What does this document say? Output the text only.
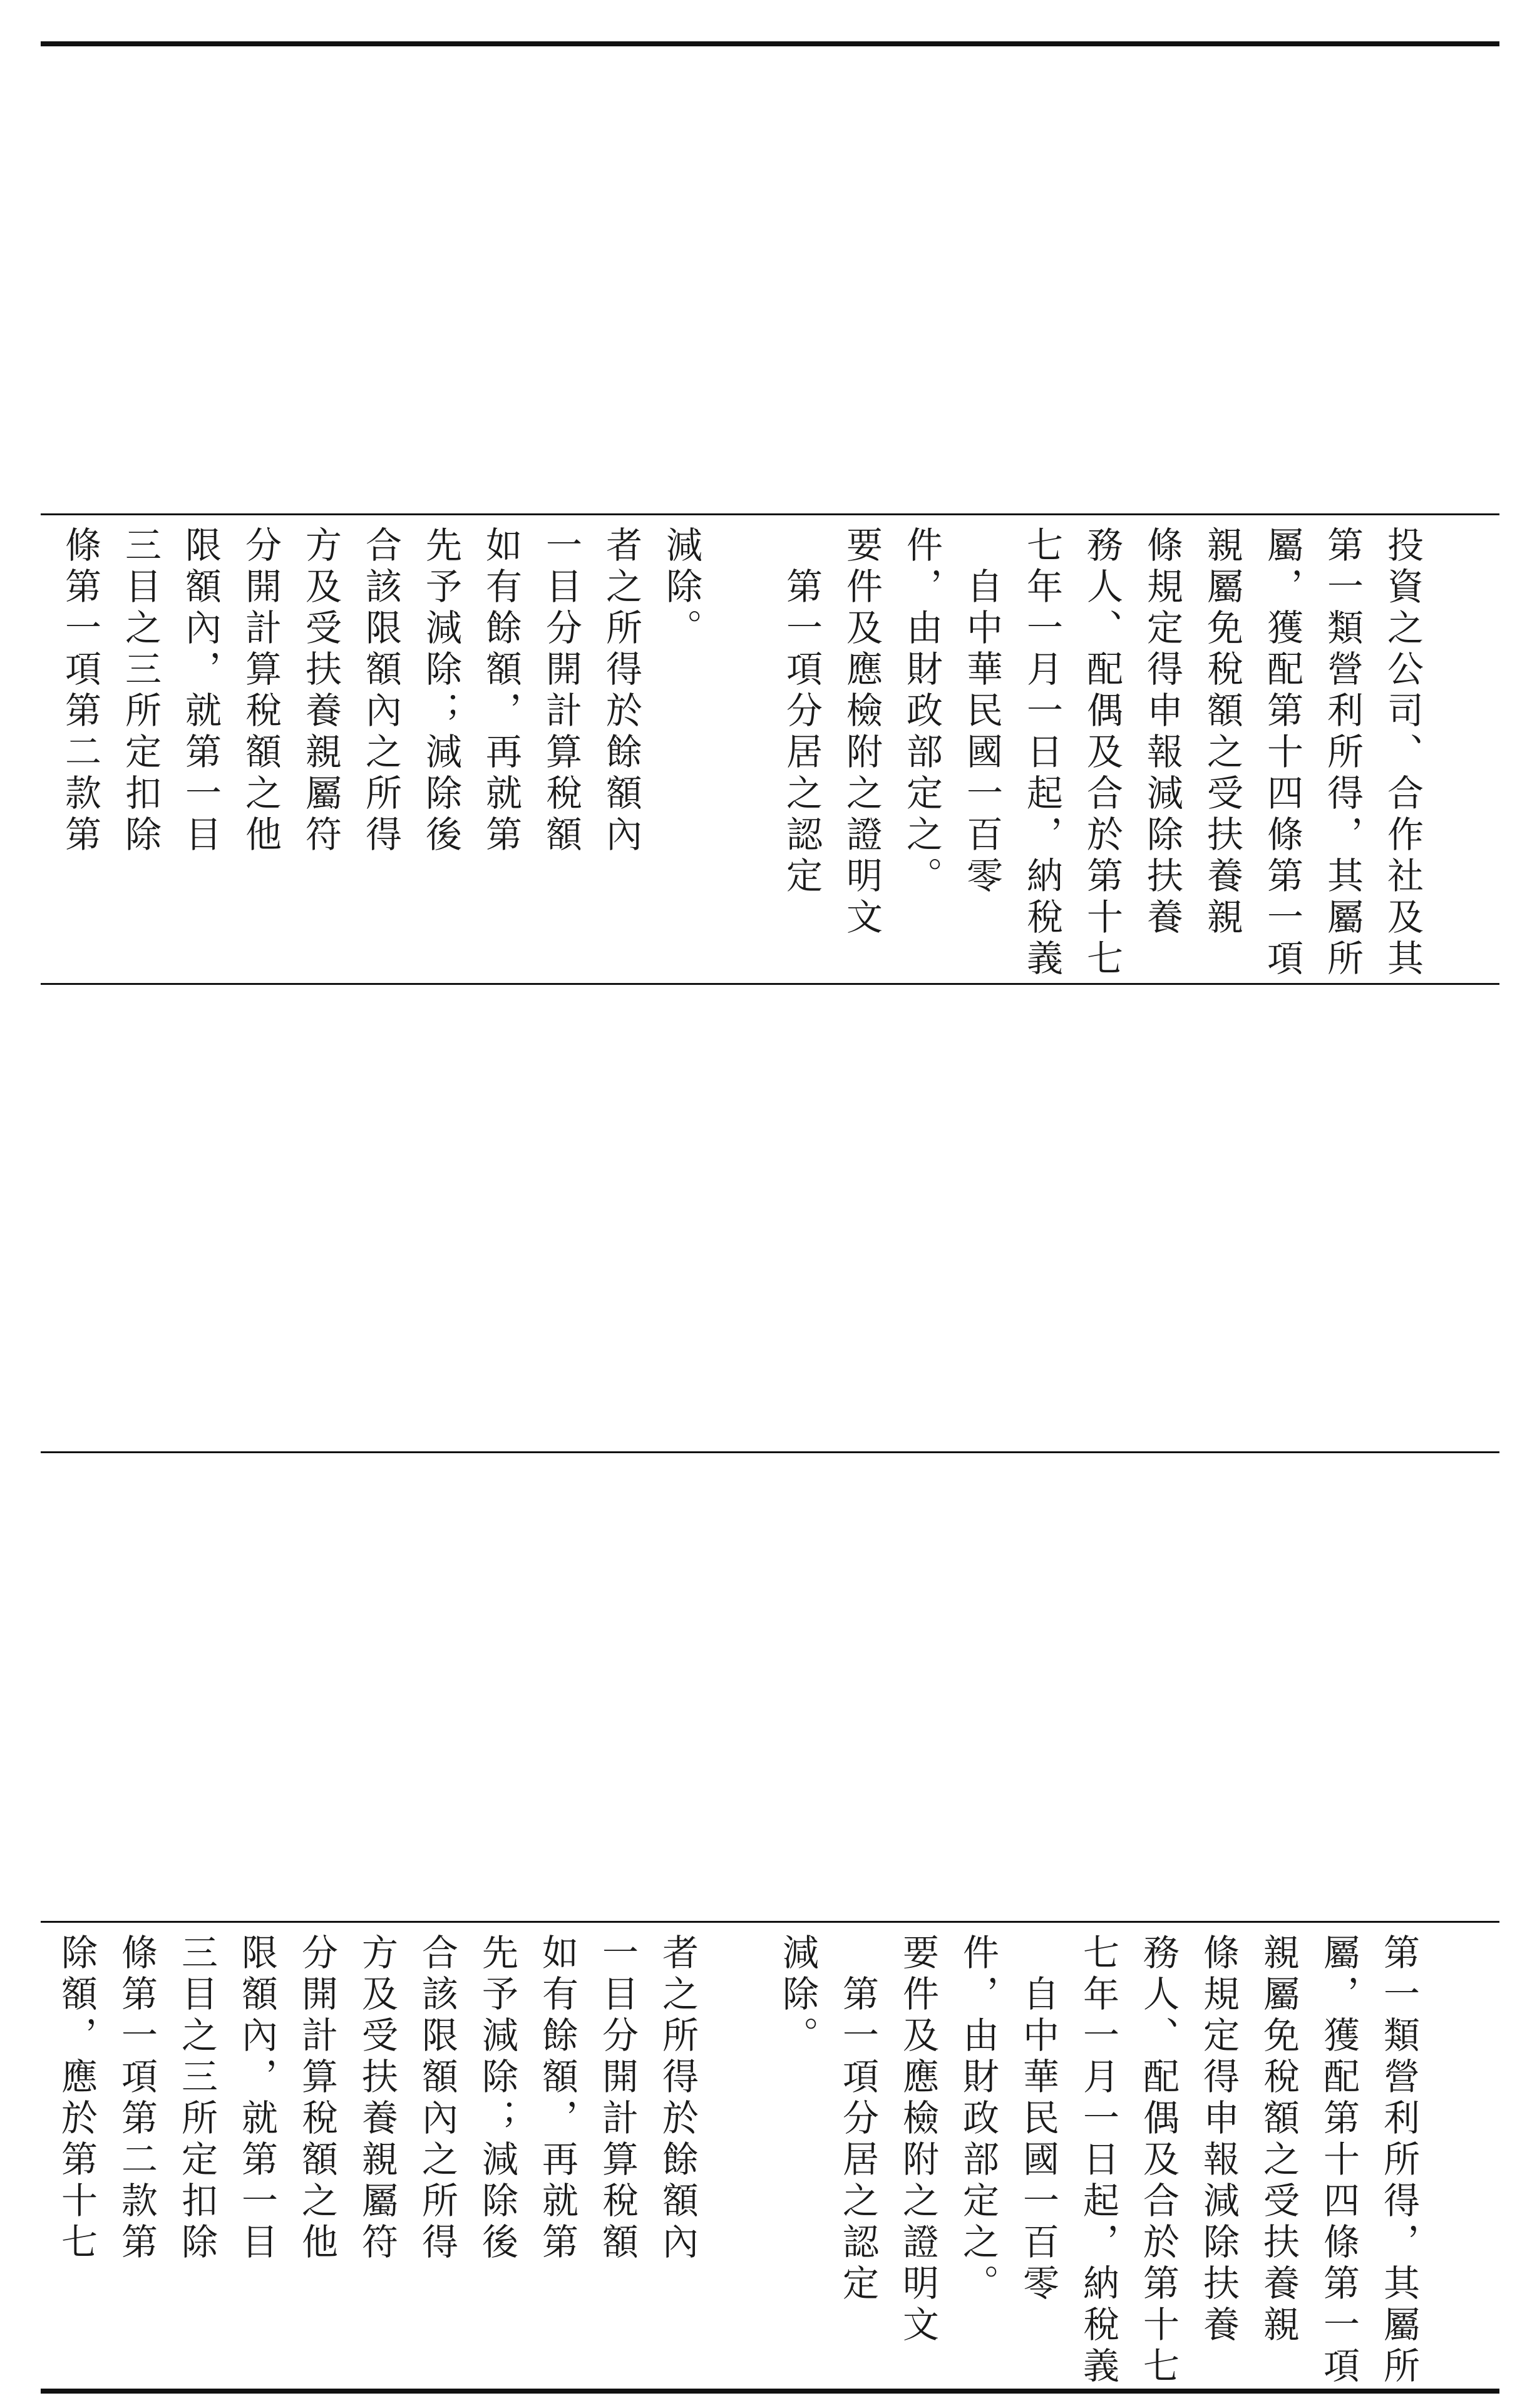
條第一項第二款第 三目之三所定扣除 限額內，就第一目 分開計算稅額之他 方及受扶養親屬符 合該限額內之所得 先予減除；減除後 如有餘額，再就第 一目分開計算稅額 者之所得於餘額內 減除。 　第一項分居之認定 要件及應檢附之證明文 件，由財政部定之。 　自中華民國一百零 七年一月一日起，納稅義 務人、配偶及合於第十七 條規定得申報減除扶養 親屬免稅額之受扶養親 屬，獲配第十四條第一項 第一類營利所得，其屬所 投資之公司、合作社及其
除額，應於第十七 條第一項第二款第 三目之三所定扣除 限額內，就第一目 分開計算稅額之他 方及受扶養親屬符 合該限額內之所得 先予減除；減除後 如有餘額，再就第 一目分開計算稅額 者之所得於餘額內 減除。 　第一項分居之認定 要件及應檢附之證明文 件，由財政部定之。 　自中華民國一百零 七年一月一日起，納稅義 務人、配偶及合於第十七 條規定得申報減除扶養 親屬免稅額之受扶養親 屬，獲配第十四條第一項 第一類營利所得，其屬所
